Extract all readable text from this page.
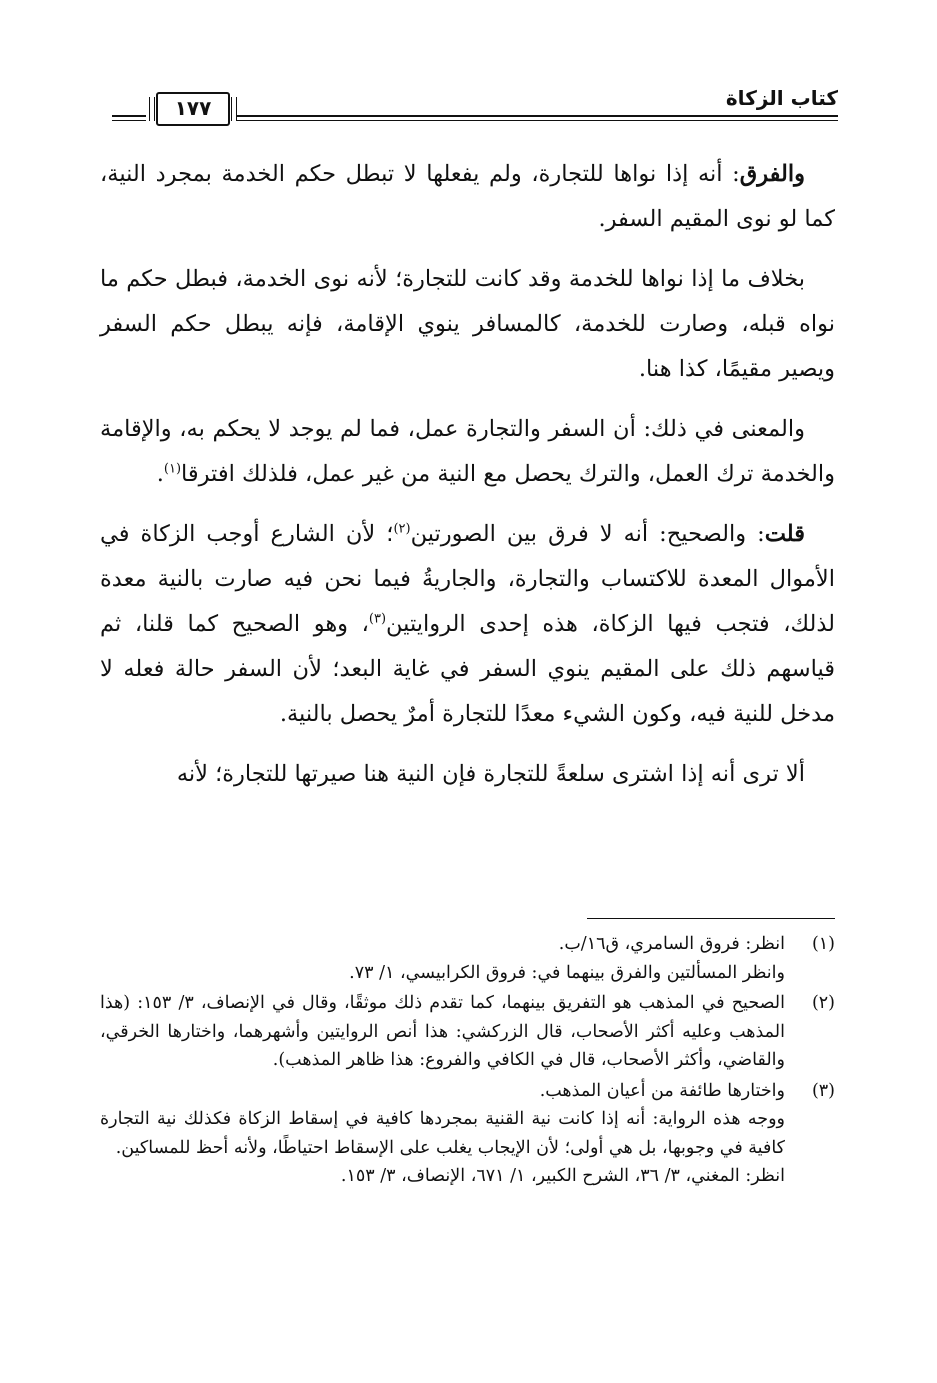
كتاب الزكاة
١٧٧

والفرق: أنه إذا نواها للتجارة، ولم يفعلها لا تبطل حكم الخدمة بمجرد النية، كما لو نوى المقيم السفر.

بخلاف ما إذا نواها للخدمة وقد كانت للتجارة؛ لأنه نوى الخدمة، فبطل حكم ما نواه قبله، وصارت للخدمة، كالمسافر ينوي الإقامة، فإنه يبطل حكم السفر ويصير مقيمًا، كذا هنا.

والمعنى في ذلك: أن السفر والتجارة عمل، فما لم يوجد لا يحكم به، والإقامة والخدمة ترك العمل، والترك يحصل مع النية من غير عمل، فلذلك افترقا$^{(١)}$.

قلت: والصحيح: أنه لا فرق بين الصورتين$^{(٢)}$؛ لأن الشارع أوجب الزكاة في الأموال المعدة للاكتساب والتجارة، والجاريةُ فيما نحن فيه صارت بالنية معدة لذلك، فتجب فيها الزكاة، هذه إحدى الروايتين$^{(٣)}$، وهو الصحيح كما قلنا، ثم قياسهم ذلك على المقيم ينوي السفر في غاية البعد؛ لأن السفر حالة فعله لا مدخل للنية فيه، وكون الشيء معدًا للتجارة أمرٌ يحصل بالنية.

ألا ترى أنه إذا اشترى سلعةً للتجارة فإن النية هنا صيرتها للتجارة؛ لأنه

(١)
انظر: فروق السامري، ق١٦/ب.
وانظر المسألتين والفرق بينهما في: فروق الكرابيسي، ١/ ٧٣.
(٢)
الصحيح في المذهب هو التفريق بينهما، كما تقدم ذلك موثقًا، وقال في الإنصاف، ٣/ ١٥٣: (هذا المذهب وعليه أكثر الأصحاب، قال الزركشي: هذا أنص الروايتين وأشهرهما، واختارها الخرقي، والقاضي، وأكثر الأصحاب، قال في الكافي والفروع: هذا ظاهر المذهب).
(٣)
واختارها طائفة من أعيان المذهب.
ووجه هذه الرواية: أنه إذا كانت نية القنية بمجردها كافية في إسقاط الزكاة فكذلك نية التجارة كافية في وجوبها، بل هي أولى؛ لأن الإيجاب يغلب على الإسقاط احتياطًا، ولأنه أحظ للمساكين.
انظر: المغني، ٣/ ٣٦، الشرح الكبير، ١/ ٦٧١، الإنصاف، ٣/ ١٥٣.
